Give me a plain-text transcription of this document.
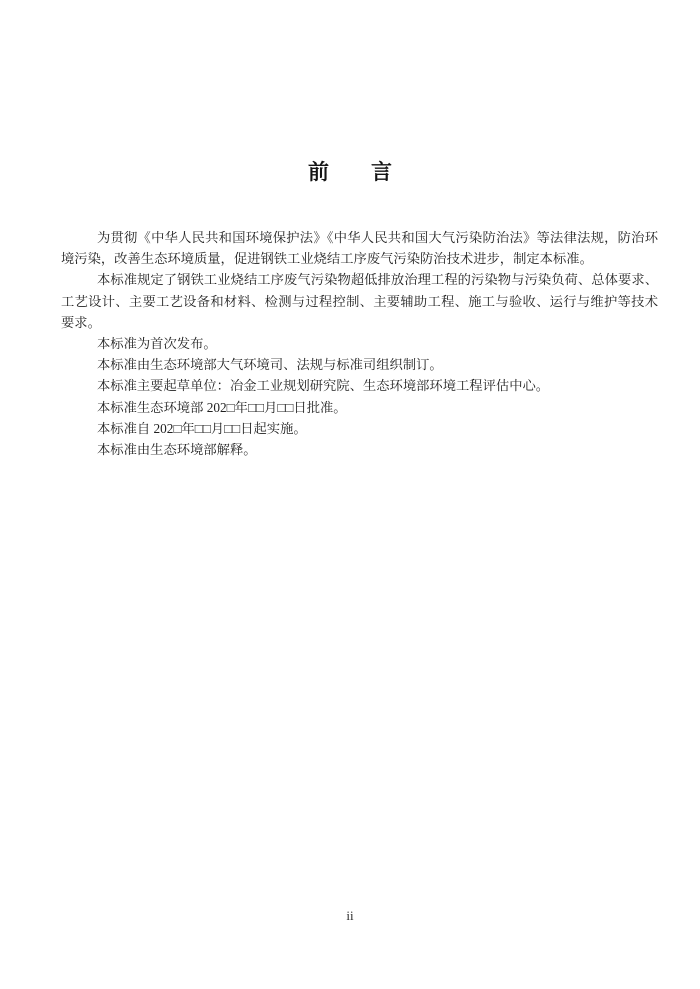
前　　言

为贯彻《中华人民共和国环境保护法》《中华人民共和国大气污染防治法》等法律法规，防治环境污染，改善生态环境质量，促进钢铁工业烧结工序废气污染防治技术进步，制定本标准。

本标准规定了钢铁工业烧结工序废气污染物超低排放治理工程的污染物与污染负荷、总体要求、工艺设计、主要工艺设备和材料、检测与过程控制、主要辅助工程、施工与验收、运行与维护等技术要求。

本标准为首次发布。

本标准由生态环境部大气环境司、法规与标准司组织制订。

本标准主要起草单位：冶金工业规划研究院、生态环境部环境工程评估中心。

本标准生态环境部 202□年□□月□□日批准。

本标准自 202□年□□月□□日起实施。

本标准由生态环境部解释。

ii
